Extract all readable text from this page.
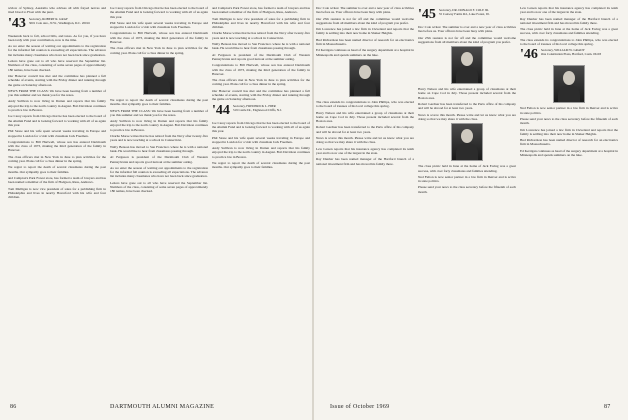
widow of Sydney, Australia who advises all with frayed nerves and tired blood to Float with the punt.

'43 Secretary, ROBERT R. GRAY
3001 Cole Ave., N.W., Washington, D.C. 20016

Weekends back to fall, school bills, and taxes. As for you, if you have been tardy with your contribution, now is the time.

As we enter the season of waiting our appointments to the registration for the informal fall reunion is exceeding all expectations. The advance list includes many classmates who have not been back since graduation.

Letters have gone out to all who have reserved the September list. Numbers of the class, consisting of some seven pages of approximately 180 names, have been checked.

Our Hanover council has met and the committee has planned a full schedule of events, starting with the Friday dinner and running through the game on Saturday afternoon.

NEWS FROM THE CLASS: We have been hearing from a number of you this summer and we thank you for the notes.

Andy Sullivan is now living in Darien and reports that his family enjoyed the trip to the north country in August. Bob Davidson continues to practice law in Boston.

Joe Carey reports from Chicago that he has been elected to the board of the Alumni Fund and is looking forward to working with all of us again this year.

Phil Stone and his wife spent several weeks traveling in Europe and stopped in London for a visit with classmate Jack Freeman.

Congratulations to Bill Hartwell, whose son has entered Dartmouth with the class of 1973, making the third generation of the family in Hanover.

The class officers met in New York in June to plan activities for the coming year. Plans call for a class dinner in the spring.

We regret to report the death of several classmates during the past months. Our sympathy goes to their families.

and Campion's Park Forest store, has formed a team of lawyers and has been named a member of the firm of Hodgson, Russ, Andrews.

Tom Mulligan is now vice president of sales for a publishing firm in Philadelphia and lives in nearby Haverford with his wife and four children.

Joe Carey reports from Chicago that he has been elected to the board of the Alumni Fund and is looking forward to working with all of us again this year.

Phil Stone and his wife spent several weeks traveling in Europe and stopped in London for a visit with classmate Jack Freeman.

Congratulations to Bill Hartwell, whose son has entered Dartmouth with the class of 1973, making the third generation of the family in Hanover.

The class officers met in New York in June to plan activities for the coming year. Plans call for a class dinner in the spring.

We regret to report the death of several classmates during the past months. Our sympathy goes to their families.

NEWS FROM THE CLASS: We have been hearing from a number of you this summer and we thank you for the notes.

Andy Sullivan is now living in Darien and reports that his family enjoyed the trip to the north country in August. Bob Davidson continues to practice law in Boston.

Charlie Morse writes that he has retired from the Navy after twenty-five years and is now teaching at a school in Connecticut.

Wally Benson has moved to San Francisco where he is with a national bank. He would like to hear from classmates passing through.

Al Ferguson is president of the Dartmouth Club of Western Pennsylvania and reports good turnout at the summer outing.

As we enter the season of waiting our appointments to the registration for the informal fall reunion is exceeding all expectations. The advance list includes many classmates who have not been back since graduation.

Letters have gone out to all who have reserved the September list. Numbers of the class, consisting of some seven pages of approximately 180 names, have been checked.

and Campion's Park Forest store, has formed a team of lawyers and has been named a member of the firm of Hodgson, Russ, Andrews.

Tom Mulligan is now vice president of sales for a publishing firm in Philadelphia and lives in nearby Haverford with his wife and four children.

Charlie Morse writes that he has retired from the Navy after twenty-five years and is now teaching at a school in Connecticut.

Wally Benson has moved to San Francisco where he is with a national bank. He would like to hear from classmates passing through.

Al Ferguson is president of the Dartmouth Club of Western Pennsylvania and reports good turnout at the summer outing.

Congratulations to Bill Hartwell, whose son has entered Dartmouth with the class of 1973, making the third generation of the family in Hanover.

The class officers met in New York in June to plan activities for the coming year. Plans call for a class dinner in the spring.

Our Hanover council has met and the committee has planned a full schedule of events, starting with the Friday dinner and running through the game on Saturday afternoon.

'44 Secretary, FREDERICK L. HIER
319 Castle Dr., Englewood Cliffs, N.J.

Joe Carey reports from Chicago that he has been elected to the board of the Alumni Fund and is looking forward to working with all of us again this year.

Phil Stone and his wife spent several weeks traveling in Europe and stopped in London for a visit with classmate Jack Freeman.

Andy Sullivan is now living in Darien and reports that his family enjoyed the trip to the north country in August. Bob Davidson continues to practice law in Boston.

We regret to report the death of several classmates during the past months. Our sympathy goes to their families.

Doc Cole writes: The summer is over and a new year of class activities lies before us. Your officers have been busy with plans.

Our 25th reunion is not far off and the committee would welcome suggestions from all members about the kind of program you prefer.

Jim Lawrence has joined a law firm in Cleveland and reports that the family is settling into their new home in Shaker Heights.

Bud Richardson has been named director of research for an electronics firm in Massachusetts.

Ed Kerrigan continues as head of the surgery department at a hospital in Minneapolis and spends summers on the lake.

The class extends its congratulations to John Phillips, who was elected to the board of trustees of his local college this spring.

Harry Nelson and his wife entertained a group of classmates at their home on Cape Cod in July. Those present included several from the Boston area.

Robert Gardner has been transferred to the Paris office of his company and will be abroad for at least two years.

News is scarce this month. Please write and let us know what you are doing so that we may share it with the class.

Lew Larsen reports that his insurance agency has completed its tenth year and is now one of the largest in the state.

Ray Dunbar has been named manager of the Hartford branch of a national investment firm and has moved his family there.

'45 Secretary, DR. DONALD F. COLE JR.
55 Conway Farms Rd., Lake Forest, Ill.

Doc Cole writes: The summer is over and a new year of class activities lies before us. Your officers have been busy with plans.

Our 25th reunion is not far off and the committee would welcome suggestions from all members about the kind of program you prefer.

Harry Nelson and his wife entertained a group of classmates at their home on Cape Cod in July. Those present included several from the Boston area.

Robert Gardner has been transferred to the Paris office of his company and will be abroad for at least two years.

News is scarce this month. Please write and let us know what you are doing so that we may share it with the class.

The class picnic held in June at the home of Jack Ewing was a great success, with over forty classmates and families attending.

Ned Fulton is now senior partner in a law firm in Denver and is active in state politics.

Please send your news to the class secretary before the fifteenth of each month.

Lew Larsen reports that his insurance agency has completed its tenth year and is now one of the largest in the state.

Ray Dunbar has been named manager of the Hartford branch of a national investment firm and has moved his family there.

The class picnic held in June at the home of Jack Ewing was a great success, with over forty classmates and families attending.

The class extends its congratulations to John Phillips, who was elected to the board of trustees of his local college this spring.

'46 Secretary, WILLIAM W. GRADY
One Constitution Plaza, Hartford, Conn. 06103

Ned Fulton is now senior partner in a law firm in Denver and is active in state politics.

Please send your news to the class secretary before the fifteenth of each month.

Jim Lawrence has joined a law firm in Cleveland and reports that the family is settling into their new home in Shaker Heights.

Bud Richardson has been named director of research for an electronics firm in Massachusetts.

Ed Kerrigan continues as head of the surgery department at a hospital in Minneapolis and spends summers on the lake.

86	DARTMOUTH ALUMNI MAGAZINE	Issue of October 1969	87
